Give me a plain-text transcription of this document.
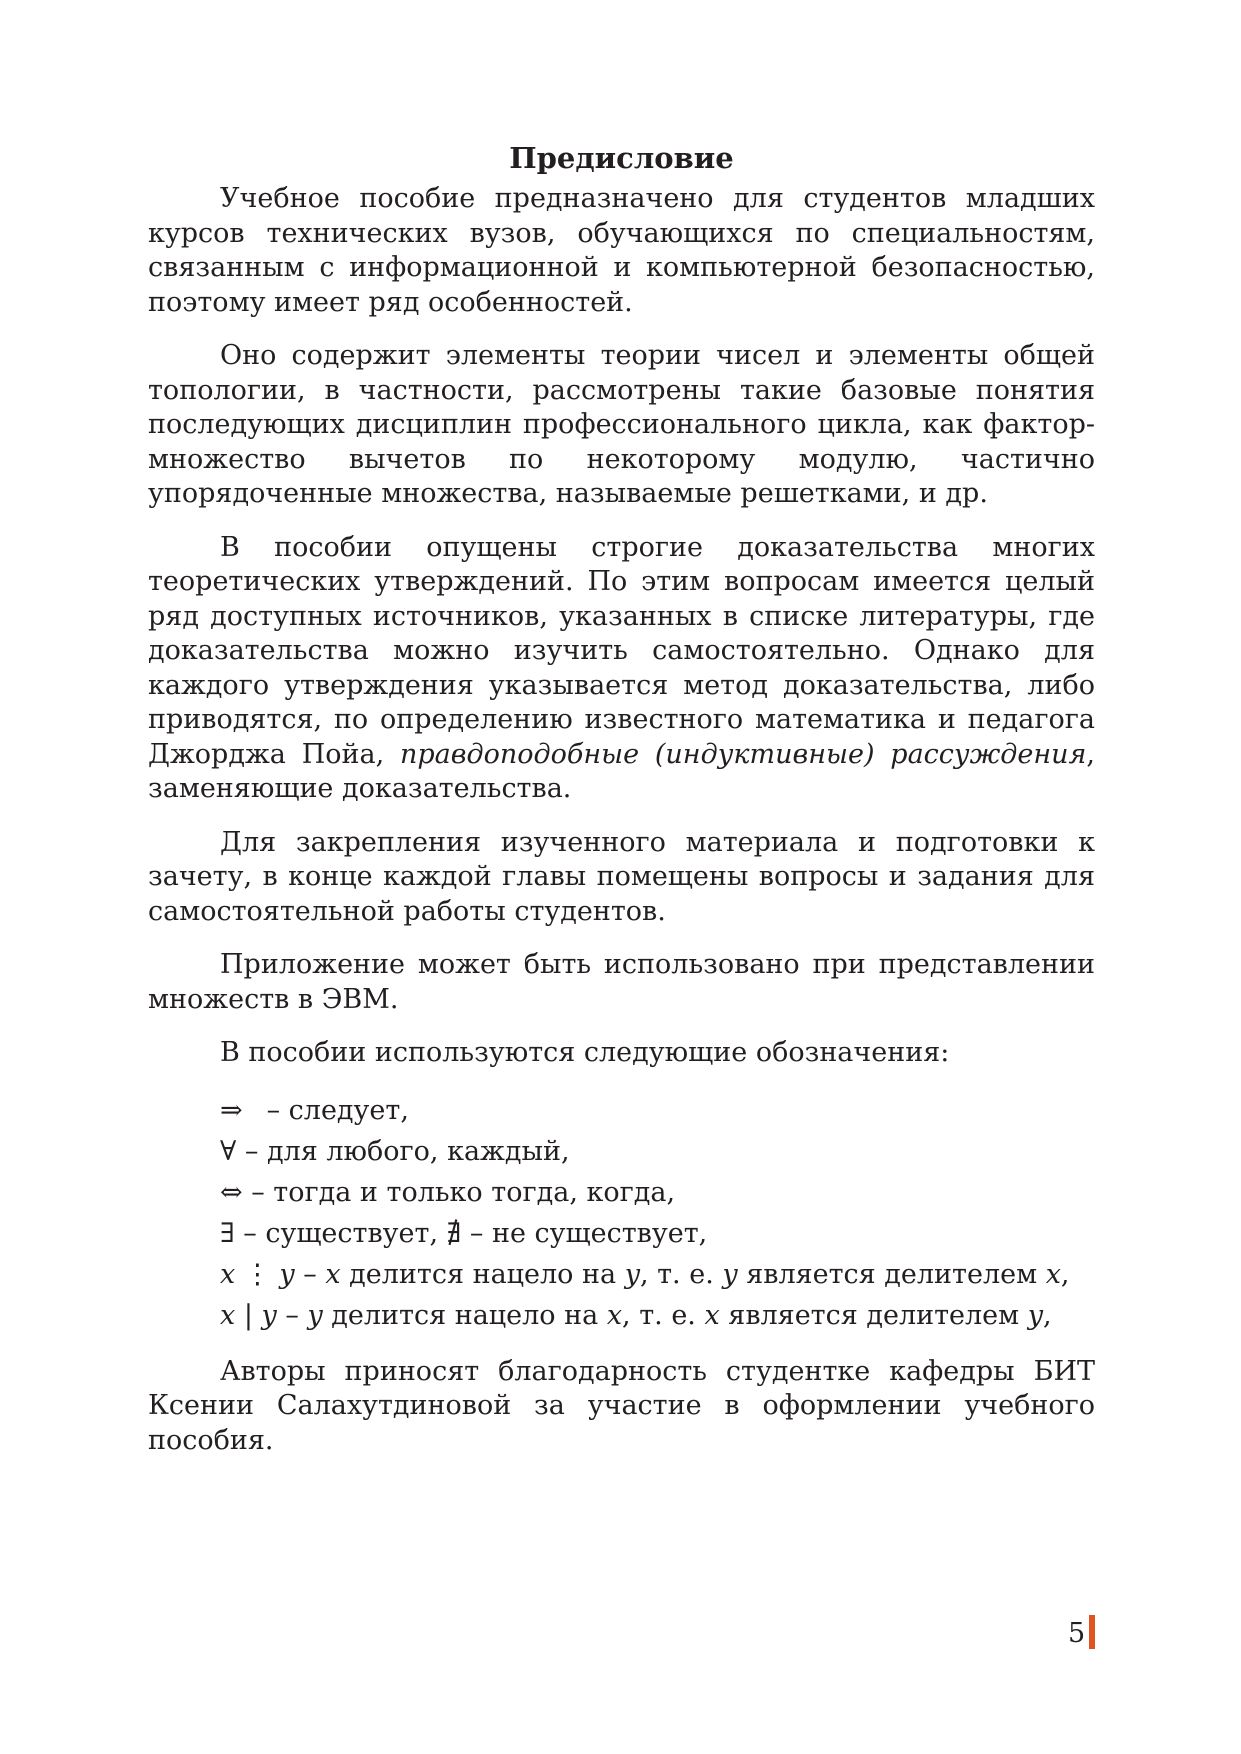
Предисловие

Учебное пособие предназначено для студентов младших курсов технических вузов, обучающихся по специальностям, связанным с информационной и компьютерной безопасностью, поэтому имеет ряд особенностей.

Оно содержит элементы теории чисел и элементы общей топологии, в частности, рассмотрены такие базовые понятия последующих дисциплин профессионального цикла, как фактор-множество вычетов по некоторому модулю, частично упорядоченные множества, называемые решетками, и др.

В пособии опущены строгие доказательства многих теоретических утверждений. По этим вопросам имеется целый ряд доступных источников, указанных в списке литературы, где доказательства можно изучить самостоятельно. Однако для каждого утверждения указывается метод доказательства, либо приводятся, по определению известного математика и педагога Джорджа Пойа, правдоподобные (индуктивные) рассуждения, заменяющие доказательства.

Для закрепления изученного материала и подготовки к зачету, в конце каждой главы помещены вопросы и задания для самостоятельной работы студентов.

Приложение может быть использовано при представлении множеств в ЭВМ.

В пособии используются следующие обозначения:

⇒ – следует,
∀ – для любого, каждый,
⇔ – тогда и только тогда, когда,
∃ – существует, ∄ – не существует,
x ⋮ y – x делится нацело на y, т. е. y является делителем x,
x | y – y делится нацело на x, т. е. x является делителем y,

Авторы приносят благодарность студентке кафедры БИТ Ксении Салахутдиновой за участие в оформлении учебного пособия.

5
